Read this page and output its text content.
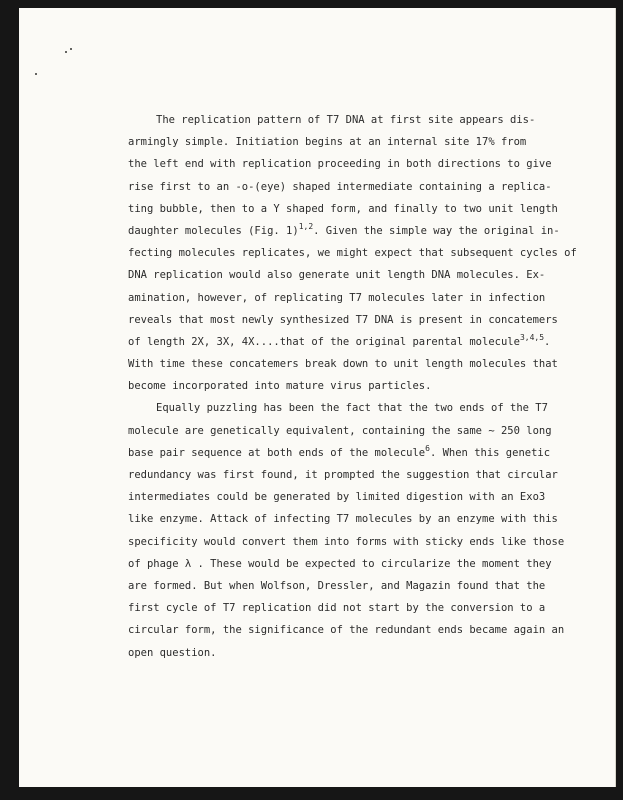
The replication pattern of T7 DNA at first site appears dis-
armingly simple. Initiation begins at an internal site 17% from
the left end with replication proceeding in both directions to give
rise first to an -o-(eye) shaped intermediate containing a replica-
ting bubble, then to a Y shaped form, and finally to two unit length
daughter molecules (Fig. 1)$^{1,2}$. Given the simple way the original in-
fecting molecules replicates, we might expect that subsequent cycles of
DNA replication would also generate unit length DNA molecules. Ex-
amination, however, of replicating T7 molecules later in infection
reveals that most newly synthesized T7 DNA is present in concatemers
of length 2X, 3X, 4X....that of the original parental molecule$^{3,4,5}$.
With time these concatemers break down to unit length molecules that
become incorporated into mature virus particles.
Equally puzzling has been the fact that the two ends of the T7
molecule are genetically equivalent, containing the same ~ 250 long
base pair sequence at both ends of the molecule$^6$. When this genetic
redundancy was first found, it prompted the suggestion that circular
intermediates could be generated by limited digestion with an Exo3
like enzyme. Attack of infecting T7 molecules by an enzyme with this
specificity would convert them into forms with sticky ends like those
of phage λ . These would be expected to circularize the moment they
are formed. But when Wolfson, Dressler, and Magazin found that the
first cycle of T7 replication did not start by the conversion to a
circular form, the significance of the redundant ends became again an
open question.
